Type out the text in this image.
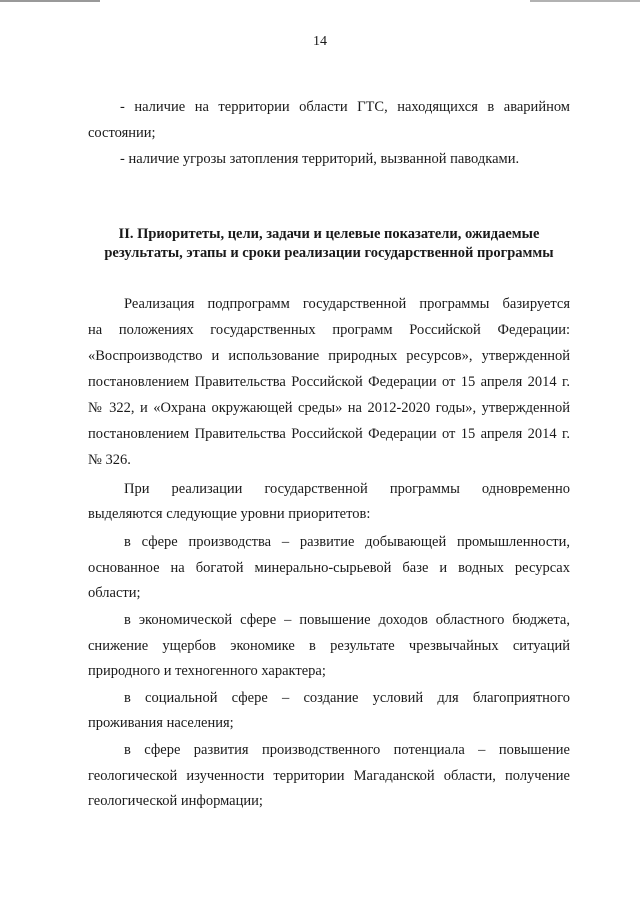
14
- наличие на территории области ГТС, находящихся в аварийном
состоянии;
- наличие угрозы затопления территорий, вызванной паводками.
II. Приоритеты, цели, задачи и целевые показатели, ожидаемые
результаты, этапы и сроки реализации государственной программы
Реализация подпрограмм государственной программы базируется
на положениях государственных программ Российской Федерации:
«Воспроизводство и использование природных ресурсов», утвержденной
постановлением Правительства Российской Федерации от 15 апреля 2014 г.
№ 322, и «Охрана окружающей среды» на 2012-2020 годы», утвержденной
постановлением Правительства Российской Федерации от 15 апреля 2014 г.
№ 326.
При реализации государственной программы одновременно
выделяются следующие уровни приоритетов:
в сфере производства – развитие добывающей промышленности,
основанное на богатой минерально-сырьевой базе и водных ресурсах
области;
в экономической сфере – повышение доходов областного бюджета,
снижение ущербов экономике в результате чрезвычайных ситуаций
природного и техногенного характера;
в социальной сфере – создание условий для благоприятного
проживания населения;
в сфере развития производственного потенциала – повышение
геологической изученности территории Магаданской области, получение
геологической информации;
